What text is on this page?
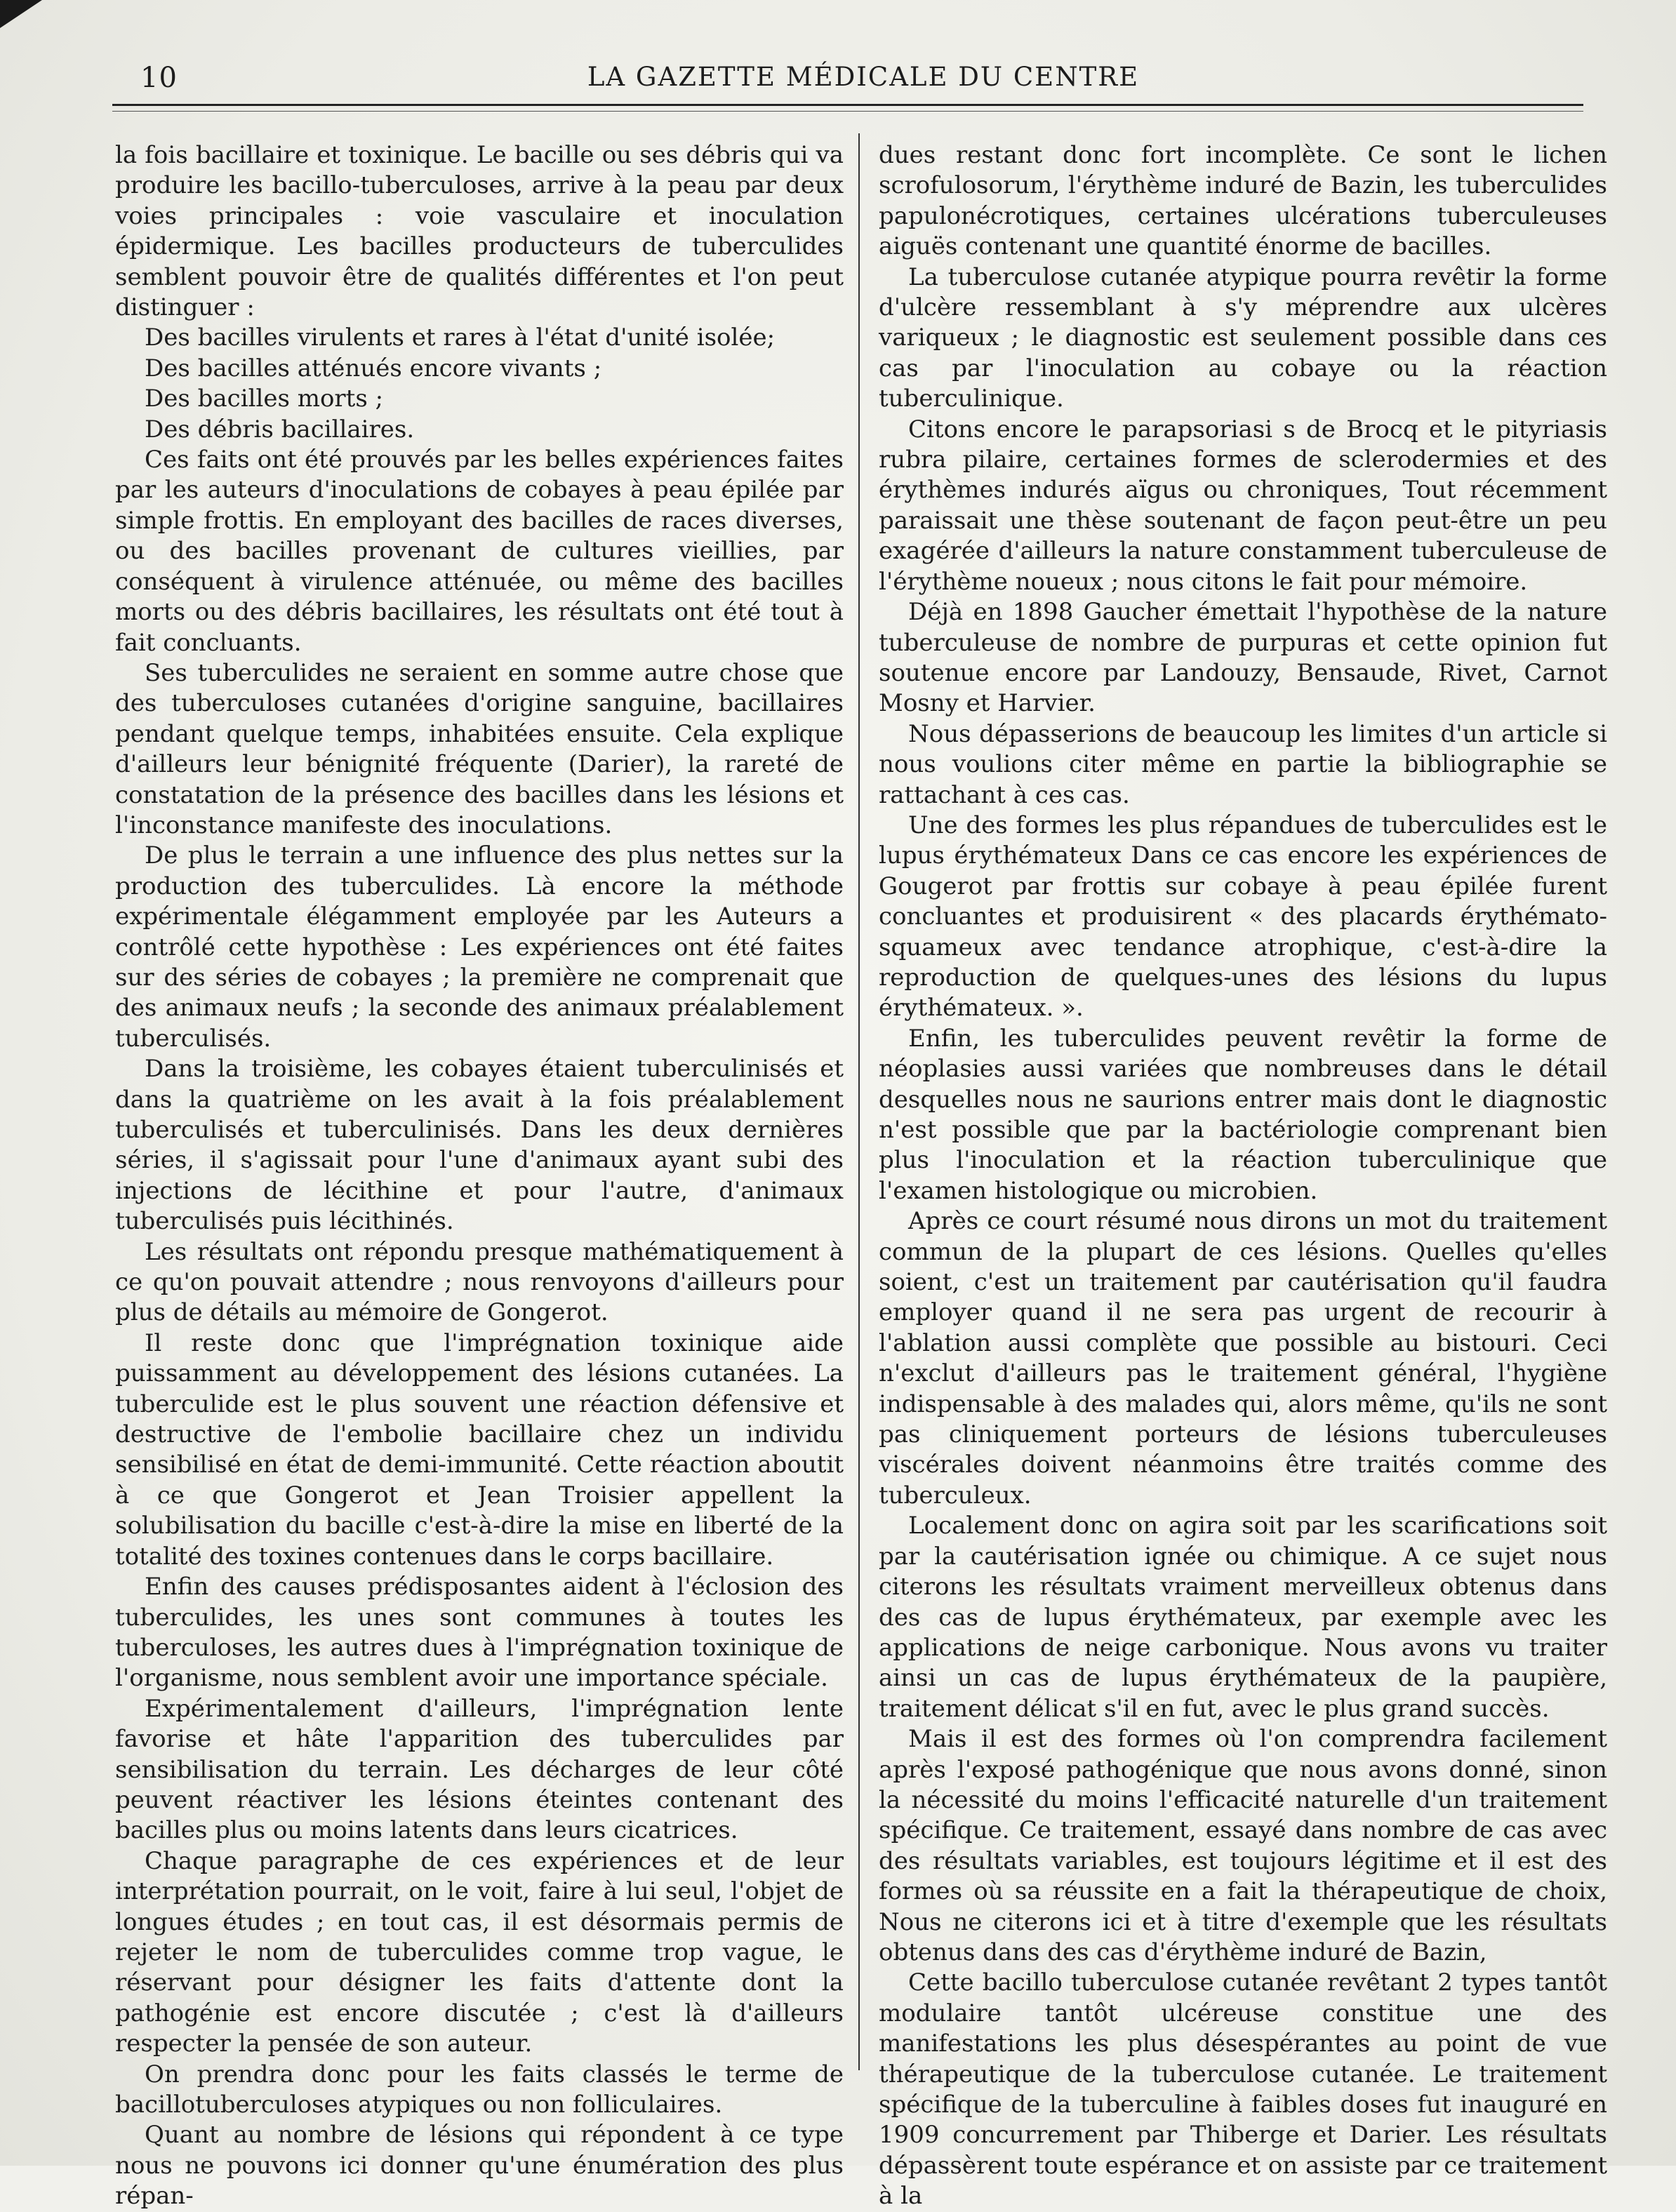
10	LA GAZETTE MÉDICALE DU CENTRE

la fois bacillaire et toxinique. Le bacille ou ses débris qui va produire les bacillo-tuberculoses, arrive à la peau par deux voies principales : voie vasculaire et inoculation épidermique. Les bacilles producteurs de tuberculides semblent pouvoir être de qualités différentes et l'on peut distinguer :

Des bacilles virulents et rares à l'état d'unité isolée;

Des bacilles atténués encore vivants ;

Des bacilles morts ;

Des débris bacillaires.

Ces faits ont été prouvés par les belles expériences faites par les auteurs d'inoculations de cobayes à peau épilée par simple frottis. En employant des bacilles de races diverses, ou des bacilles provenant de cultures vieillies, par conséquent à virulence atténuée, ou même des bacilles morts ou des débris bacillaires, les résultats ont été tout à fait concluants.

Ses tuberculides ne seraient en somme autre chose que des tuberculoses cutanées d'origine sanguine, bacillaires pendant quelque temps, inhabitées ensuite. Cela explique d'ailleurs leur bénignité fréquente (Darier), la rareté de constatation de la présence des bacilles dans les lésions et l'inconstance manifeste des inoculations.

De plus le terrain a une influence des plus nettes sur la production des tuberculides. Là encore la méthode expérimentale élégamment employée par les Auteurs a contrôlé cette hypothèse : Les expériences ont été faites sur des séries de cobayes ; la première ne comprenait que des animaux neufs ; la seconde des animaux préalablement tuberculisés.

Dans la troisième, les cobayes étaient tuberculinisés et dans la quatrième on les avait à la fois préalablement tuberculisés et tuberculinisés. Dans les deux dernières séries, il s'agissait pour l'une d'animaux ayant subi des injections de lécithine et pour l'autre, d'animaux tuberculisés puis lécithinés.

Les résultats ont répondu presque mathématiquement à ce qu'on pouvait attendre ; nous renvoyons d'ailleurs pour plus de détails au mémoire de Gongerot.

Il reste donc que l'imprégnation toxinique aide puissamment au développement des lésions cutanées. La tuberculide est le plus souvent une réaction défensive et destructive de l'embolie bacillaire chez un individu sensibilisé en état de demi-immunité. Cette réaction aboutit à ce que Gongerot et Jean Troisier appellent la solubilisation du bacille c'est-à-dire la mise en liberté de la totalité des toxines contenues dans le corps bacillaire.

Enfin des causes prédisposantes aident à l'éclosion des tuberculides, les unes sont communes à toutes les tuberculoses, les autres dues à l'imprégnation toxinique de l'organisme, nous semblent avoir une importance spéciale.

Expérimentalement d'ailleurs, l'imprégnation lente favorise et hâte l'apparition des tuberculides par sensibilisation du terrain. Les décharges de leur côté peuvent réactiver les lésions éteintes contenant des bacilles plus ou moins latents dans leurs cicatrices.

Chaque paragraphe de ces expériences et de leur interprétation pourrait, on le voit, faire à lui seul, l'objet de longues études ; en tout cas, il est désormais permis de rejeter le nom de tuberculides comme trop vague, le réservant pour désigner les faits d'attente dont la pathogénie est encore discutée ; c'est là d'ailleurs respecter la pensée de son auteur.

On prendra donc pour les faits classés le terme de bacillotuberculoses atypiques ou non folliculaires.

Quant au nombre de lésions qui répondent à ce type nous ne pouvons ici donner qu'une énumération des plus répan-

dues restant donc fort incomplète. Ce sont le lichen scrofulosorum, l'érythème induré de Bazin, les tuberculides papulonécrotiques, certaines ulcérations tuberculeuses aiguës contenant une quantité énorme de bacilles.

La tuberculose cutanée atypique pourra revêtir la forme d'ulcère ressemblant à s'y méprendre aux ulcères variqueux ; le diagnostic est seulement possible dans ces cas par l'inoculation au cobaye ou la réaction tuberculinique.

Citons encore le parapsoriasi s de Brocq et le pityriasis rubra pilaire, certaines formes de sclerodermies et des érythèmes indurés aïgus ou chroniques, Tout récemment paraissait une thèse soutenant de façon peut-être un peu exagérée d'ailleurs la nature constamment tuberculeuse de l'érythème noueux ; nous citons le fait pour mémoire.

Déjà en 1898 Gaucher émettait l'hypothèse de la nature tuberculeuse de nombre de purpuras et cette opinion fut soutenue encore par Landouzy, Bensaude, Rivet, Carnot Mosny et Harvier.

Nous dépasserions de beaucoup les limites d'un article si nous voulions citer même en partie la bibliographie se rattachant à ces cas.

Une des formes les plus répandues de tuberculides est le lupus érythémateux Dans ce cas encore les expériences de Gougerot par frottis sur cobaye à peau épilée furent concluantes et produisirent « des placards érythémato-squameux avec tendance atrophique, c'est-à-dire la reproduction de quelques-unes des lésions du lupus érythémateux. ».

Enfin, les tuberculides peuvent revêtir la forme de néoplasies aussi variées que nombreuses dans le détail desquelles nous ne saurions entrer mais dont le diagnostic n'est possible que par la bactériologie comprenant bien plus l'inoculation et la réaction tuberculinique que l'examen histologique ou microbien.

Après ce court résumé nous dirons un mot du traitement commun de la plupart de ces lésions. Quelles qu'elles soient, c'est un traitement par cautérisation qu'il faudra employer quand il ne sera pas urgent de recourir à l'ablation aussi complète que possible au bistouri. Ceci n'exclut d'ailleurs pas le traitement général, l'hygiène indispensable à des malades qui, alors même, qu'ils ne sont pas cliniquement porteurs de lésions tuberculeuses viscérales doivent néanmoins être traités comme des tuberculeux.

Localement donc on agira soit par les scarifications soit par la cautérisation ignée ou chimique. A ce sujet nous citerons les résultats vraiment merveilleux obtenus dans des cas de lupus érythémateux, par exemple avec les applications de neige carbonique. Nous avons vu traiter ainsi un cas de lupus érythémateux de la paupière, traitement délicat s'il en fut, avec le plus grand succès.

Mais il est des formes où l'on comprendra facilement après l'exposé pathogénique que nous avons donné, sinon la nécessité du moins l'efficacité naturelle d'un traitement spécifique. Ce traitement, essayé dans nombre de cas avec des résultats variables, est toujours légitime et il est des formes où sa réussite en a fait la thérapeutique de choix, Nous ne citerons ici et à titre d'exemple que les résultats obtenus dans des cas d'érythème induré de Bazin,

Cette bacillo tuberculose cutanée revêtant 2 types tantôt modulaire tantôt ulcéreuse constitue une des manifestations les plus désespérantes au point de vue thérapeutique de la tuberculose cutanée. Le traitement spécifique de la tuberculine à faibles doses fut inauguré en 1909 concurrement par Thiberge et Darier. Les résultats dépassèrent toute espérance et on assiste par ce traitement à la
